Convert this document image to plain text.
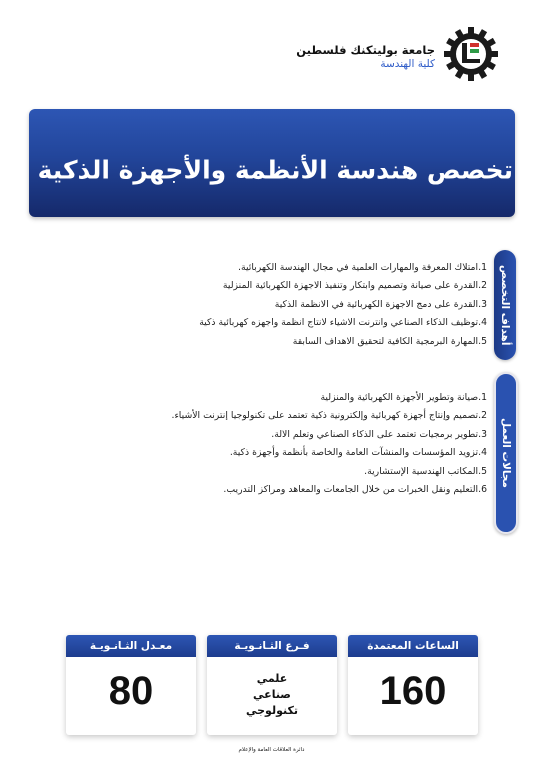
جامعة بوليتكنك فلسطين
كلية الهندسة
تخصص هندسة الأنظمة والأجهزة الذكية
أهداف التخصص
1.امتلاك المعرفة والمهارات العلمية في مجال الهندسة الكهربائية.
2.القدرة على صيانة وتصميم وابتكار وتنفيذ الاجهزة الكهربائية المنزلية
3.القدرة على دمج الاجهزة الكهربائية في الانظمة الذكية
4.توظيف الذكاء الصناعي وانترنت الاشياء لانتاج انظمة واجهزه كهربائية ذكية
5.المهارة البرمجية الكافية لتحقيق الاهداف السابقة
مجالات العمل
1.صيانة وتطوير الأجهزة الكهربائية والمنزلية
2.تصميم وإنتاج أجهزة كهربائية وإلكترونية ذكية تعتمد على تكنولوجيا إنترنت الأشياء.
3.تطوير برمجيات تعتمد على الذكاء الصناعي وتعلم الالة.
4.تزويد المؤسسات والمنشآت العامة والخاصة بأنظمة وأجهزة ذكية.
5.المكاتب الهندسية الإستشارية.
6.التعليم ونقل الخبرات من خلال الجامعات والمعاهد ومراكز التدريب.
الساعات المعتمدة
160
فـرع الثـانـويـة
علمي
صناعي
تكنولوجي
معـدل الثـانـويـة
80
دائرة العلاقات العامة والإعلام
